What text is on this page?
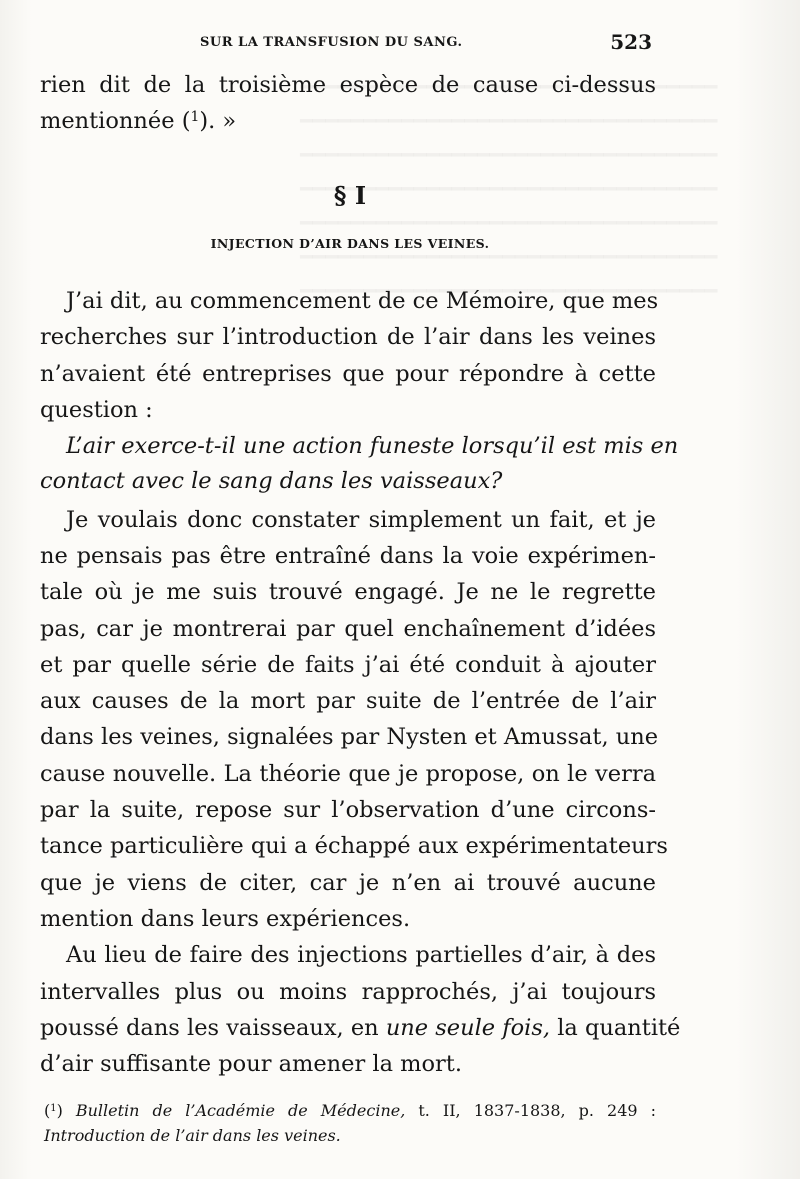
SUR LA TRANSFUSION DU SANG.	523
rien dit de la troisième espèce de cause ci-dessus
mentionnée ($^1$). »
§ I
INJECTION D’AIR DANS LES VEINES.
J’ai dit, au commencement de ce Mémoire, que mes
recherches sur l’introduction de l’air dans les veines
n’avaient été entreprises que pour répondre à cette
question :
L’air exerce-t-il une action funeste lorsqu’il est mis en
contact avec le sang dans les vaisseaux?
Je voulais donc constater simplement un fait, et je
ne pensais pas être entraîné dans la voie expérimen-
tale où je me suis trouvé engagé. Je ne le regrette
pas, car je montrerai par quel enchaînement d’idées
et par quelle série de faits j’ai été conduit à ajouter
aux causes de la mort par suite de l’entrée de l’air
dans les veines, signalées par Nysten et Amussat, une
cause nouvelle. La théorie que je propose, on le verra
par la suite, repose sur l’observation d’une circons-
tance particulière qui a échappé aux expérimentateurs
que je viens de citer, car je n’en ai trouvé aucune
mention dans leurs expériences.
Au lieu de faire des injections partielles d’air, à des
intervalles plus ou moins rapprochés, j’ai toujours
poussé dans les vaisseaux, en une seule fois, la quantité
d’air suffisante pour amener la mort.
($^1$) Bulletin de l’Académie de Médecine, t. II, 1837-1838, p. 249 :
Introduction de l’air dans les veines.
